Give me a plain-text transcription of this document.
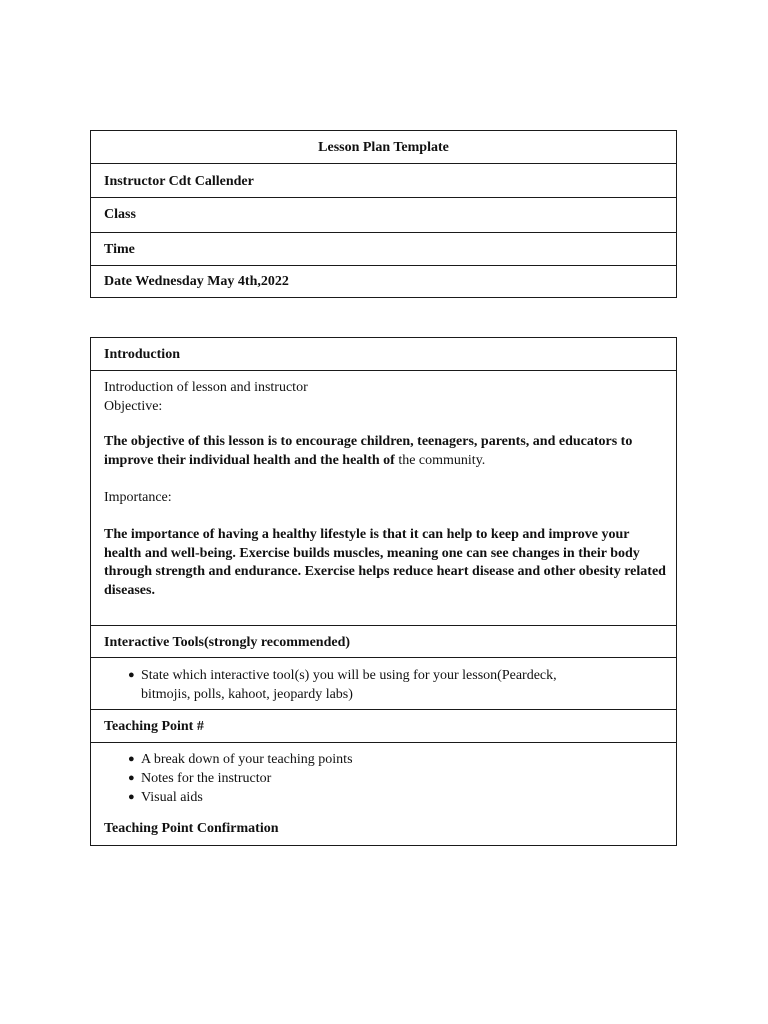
Lesson Plan Template
Instructor Cdt Callender
Class
Time
Date Wednesday May 4th,2022
Introduction

Introduction of lesson and instructor
Objective:

The objective of this lesson is to encourage children, teenagers, parents, and educators to improve their individual health and the health of the community.

Importance:

The importance of having a healthy lifestyle is that it can help to keep and improve your health and well-being. Exercise builds muscles, meaning one can see changes in their body through strength and endurance. Exercise helps reduce heart disease and other obesity related diseases.

Interactive Tools(strongly recommended)
● State which interactive tool(s) you will be using for your lesson(Peardeck, bitmojis, polls, kahoot, jeopardy labs)
Teaching Point #
● A break down of your teaching points
● Notes for the instructor
● Visual aids
Teaching Point Confirmation
